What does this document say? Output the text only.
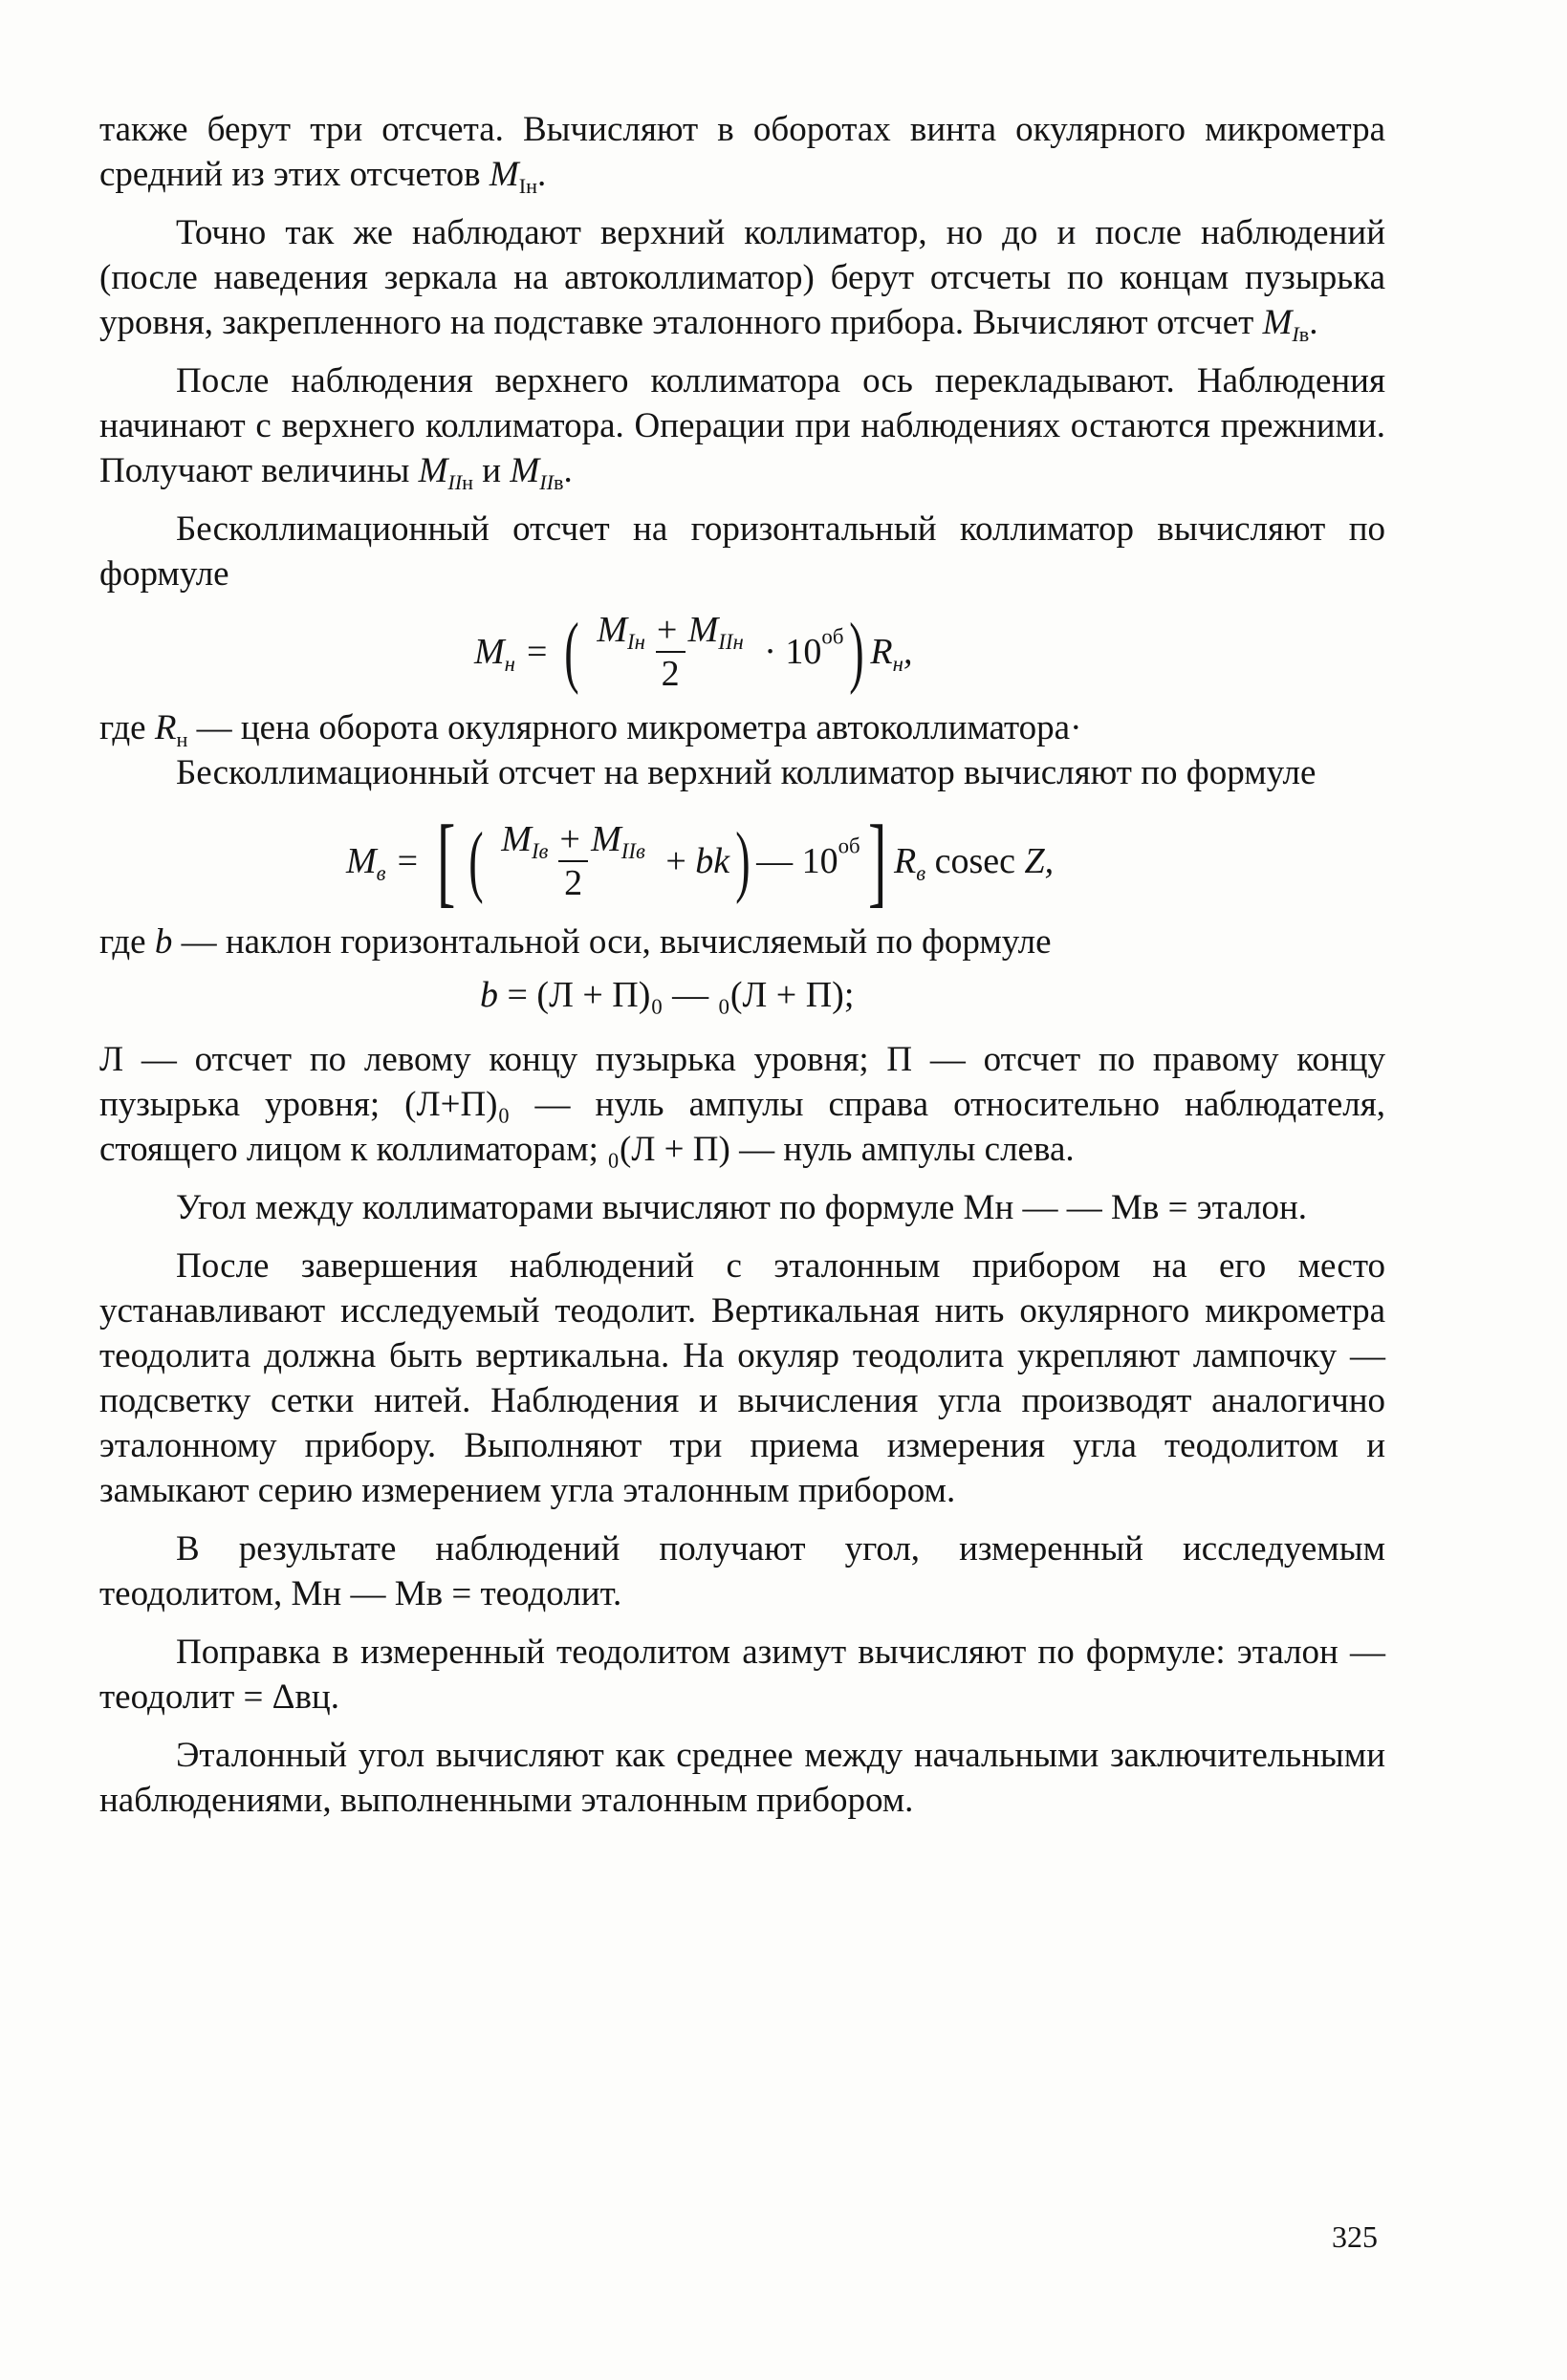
также берут три отсчета. Вычисляют в оборотах винта окулярного микрометра средний из этих отсчетов $M_{Iн}$.

Точно так же наблюдают верхний коллиматор, но до и после наблюдений (после наведения зеркала на автоколлиматор) берут отсчеты по концам пузырька уровня, закрепленного на подставке эталонного прибора. Вычисляют отсчет $M_{Iв}$.

После наблюдения верхнего коллиматора ось перекладывают. Наблюдения начинают с верхнего коллиматора. Операции при наблюдениях остаются прежними. Получают величины $M_{IIн}$ и $M_{IIв}$.

Бесколлимационный отсчет на горизонтальный коллиматор вычисляют по формуле

$M_н$ = ( $\frac{M_{Iн} + M_{IIн}}{2} \cdot 10^{об}$ ) $R_н$,

где $R_н$ — цена оборота окулярного микрометра автоколлиматора·

Бесколлимационный отсчет на верхний коллиматор вычисляют по формуле

$M_в$ = [ ( $\frac{M_{Iв} + M_{IIв}}{2}$ + bk ) — $10^{об}$ ] $R_в$ cosec Z,

где b — наклон горизонтальной оси, вычисляемый по формуле

b
= (Л + П)₀ — ₀(Л + П);

Л — отсчет по левому концу пузырька уровня; П — отсчет по правому концу пузырька уровня; (Л+П)₀ — нуль ампулы справа относительно наблюдателя, стоящего лицом к коллиматорам; ₀(Л + П) — нуль ампулы слева.

Угол между коллиматорами вычисляют по формуле Mн — — Mв = эталон.

После завершения наблюдений с эталонным прибором на его место устанавливают исследуемый теодолит. Вертикальная нить окулярного микрометра теодолита должна быть вертикальна. На окуляр теодолита укрепляют лампочку — подсветку сетки нитей. Наблюдения и вычисления угла производят аналогично эталонному прибору. Выполняют три приема измерения угла теодолитом и замыкают серию измерением угла эталонным прибором.

В результате наблюдений получают угол, измеренный исследуемым теодолитом, Mн — Mв = теодолит.

Поправка в измеренный теодолитом азимут вычисляют по формуле: эталон — теодолит = Δвц.

Эталонный угол вычисляют как среднее между начальными заключительными наблюдениями, выполненными эталонным прибором.

325
